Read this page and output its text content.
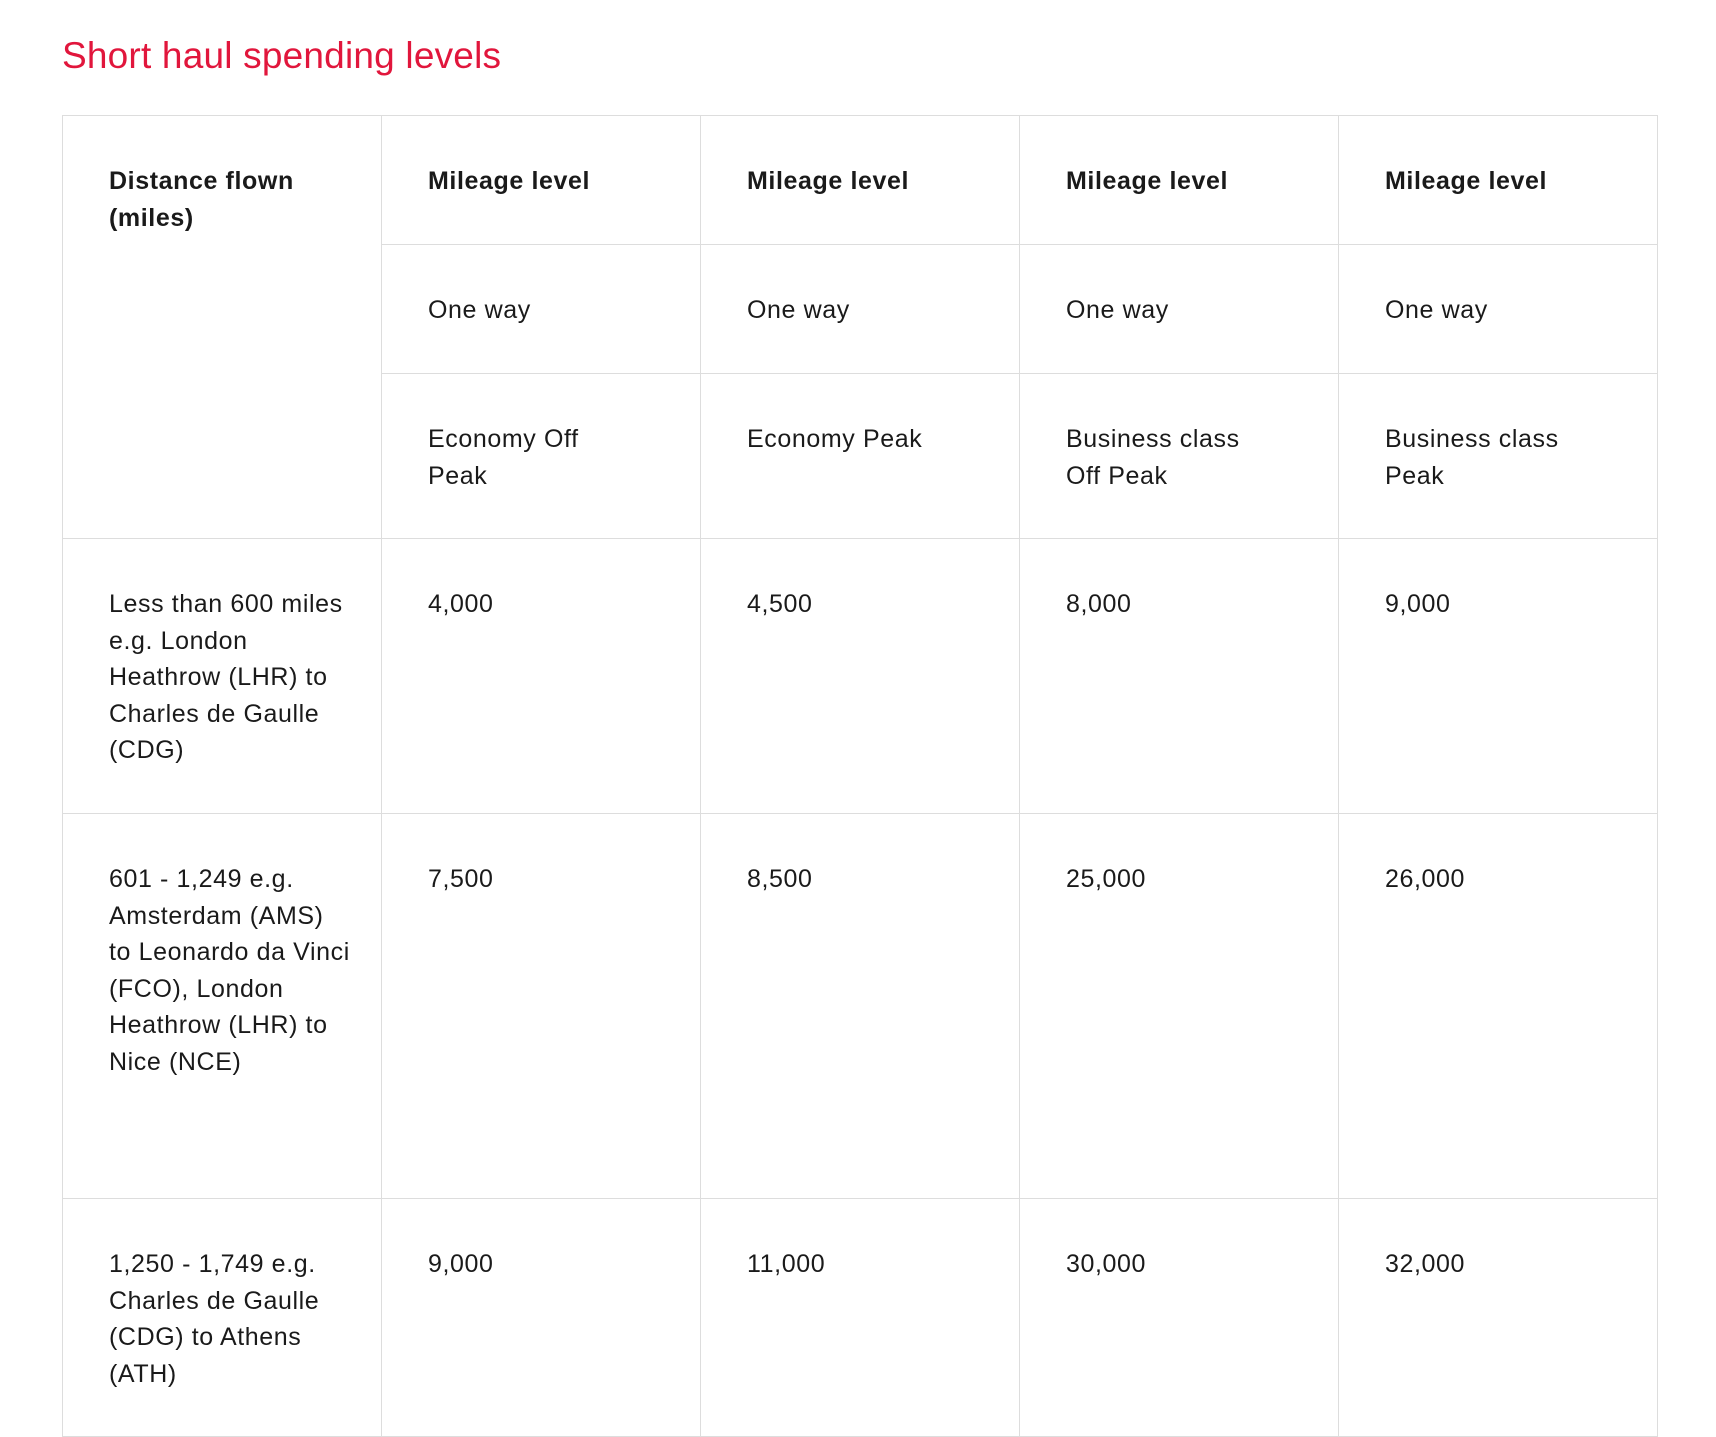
Short haul spending levels
Distance flown (miles)	Mileage level	Mileage level	Mileage level	Mileage level

	One way	One way	One way	One way

	Economy Off Peak	Economy Peak	Business class Off Peak	Business class Peak

Less than 600 miles e.g. London Heathrow (LHR) to Charles de Gaulle (CDG)	4,000	4,500	8,000	9,000

601 - 1,249 e.g. Amsterdam (AMS) to Leonardo da Vinci (FCO), London Heathrow (LHR) to Nice (NCE)	7,500	8,500	25,000	26,000

1,250 - 1,749 e.g. Charles de Gaulle (CDG) to Athens (ATH)	9,000	11,000	30,000	32,000
